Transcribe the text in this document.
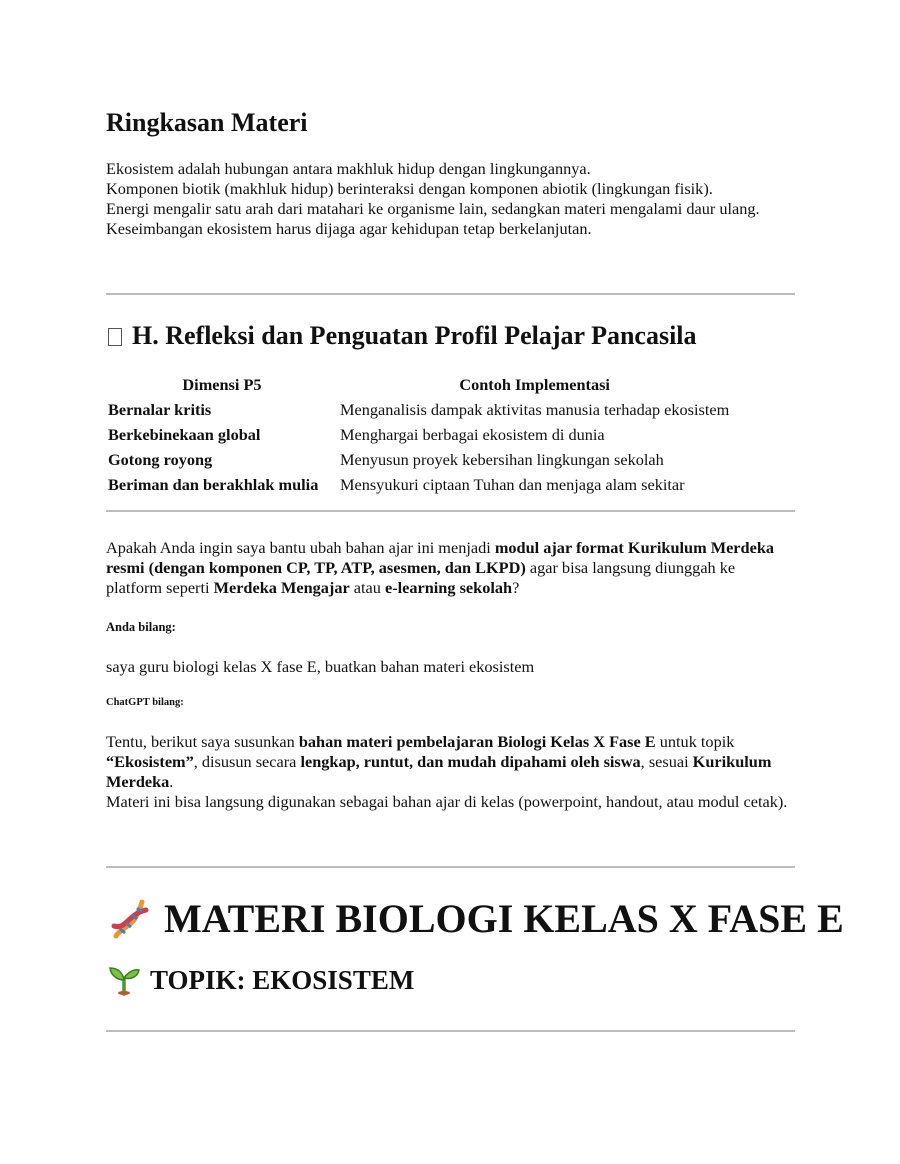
Ringkasan Materi

Ekosistem adalah hubungan antara makhluk hidup dengan lingkungannya.

Komponen biotik (makhluk hidup) berinteraksi dengan komponen abiotik (lingkungan fisik).

Energi mengalir satu arah dari matahari ke organisme lain, sedangkan materi mengalami daur ulang.

Keseimbangan ekosistem harus dijaga agar kehidupan tetap berkelanjutan.

H. Refleksi dan Penguatan Profil Pelajar Pancasila
Dimensi P5	Contoh Implementasi
Bernalar kritis	Menganalisis dampak aktivitas manusia terhadap ekosistem
Berkebinekaan global	Menghargai berbagai ekosistem di dunia
Gotong royong	Menyusun proyek kebersihan lingkungan sekolah
Beriman dan berakhlak mulia	Mensyukuri ciptaan Tuhan dan menjaga alam sekitar

Apakah Anda ingin saya bantu ubah bahan ajar ini menjadi modul ajar format Kurikulum Merdeka resmi (dengan komponen CP, TP, ATP, asesmen, dan LKPD) agar bisa langsung diunggah ke platform seperti Merdeka Mengajar atau e-learning sekolah?

Anda bilang:

saya guru biologi kelas X fase E, buatkan bahan materi ekosistem

ChatGPT bilang:

Tentu, berikut saya susunkan bahan materi pembelajaran Biologi Kelas X Fase E untuk topik “Ekosistem”, disusun secara lengkap, runtut, dan mudah dipahami oleh siswa, sesuai Kurikulum Merdeka.

Materi ini bisa langsung digunakan sebagai bahan ajar di kelas (powerpoint, handout, atau modul cetak).

MATERI BIOLOGI KELAS X FASE E
TOPIK: EKOSISTEM
